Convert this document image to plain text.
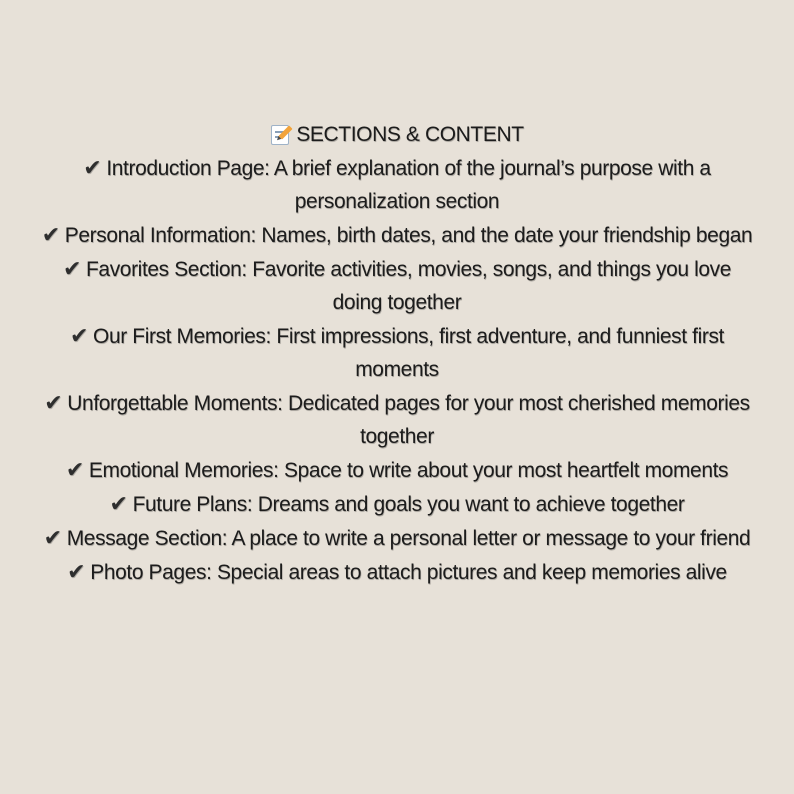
SECTIONS & CONTENT
✔ Introduction Page: A brief explanation of the journal’s purpose with a personalization section
✔ Personal Information: Names, birth dates, and the date your friendship began
✔ Favorites Section: Favorite activities, movies, songs, and things you love doing together
✔ Our First Memories: First impressions, first adventure, and funniest first moments
✔ Unforgettable Moments: Dedicated pages for your most cherished memories together
✔ Emotional Memories: Space to write about your most heartfelt moments
✔ Future Plans: Dreams and goals you want to achieve together
✔ Message Section: A place to write a personal letter or message to your friend
✔ Photo Pages: Special areas to attach pictures and keep memories alive
